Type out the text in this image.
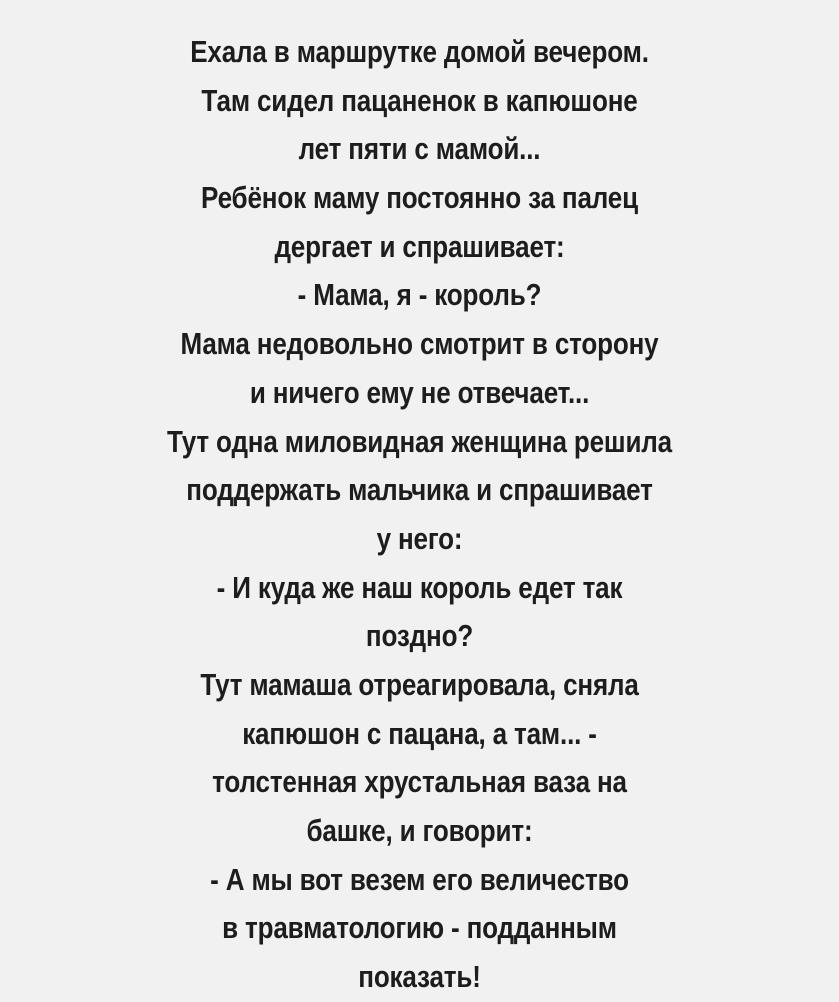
Ехала в маршрутке домой вечером.
Там сидел пацаненок в капюшоне
лет пяти с мамой...
Ребёнок маму постоянно за палец
дергает и спрашивает:
- Мама, я - король?
Мама недовольно смотрит в сторону
и ничего ему не отвечает...
Тут одна миловидная женщина решила
поддержать мальчика и спрашивает
у него:
- И куда же наш король едет так
поздно?
Тут мамаша отреагировала, сняла
капюшон с пацана, а там... -
толстенная хрустальная ваза на
башке, и говорит:
- А мы вот везем его величество
в травматологию - подданным
показать!
